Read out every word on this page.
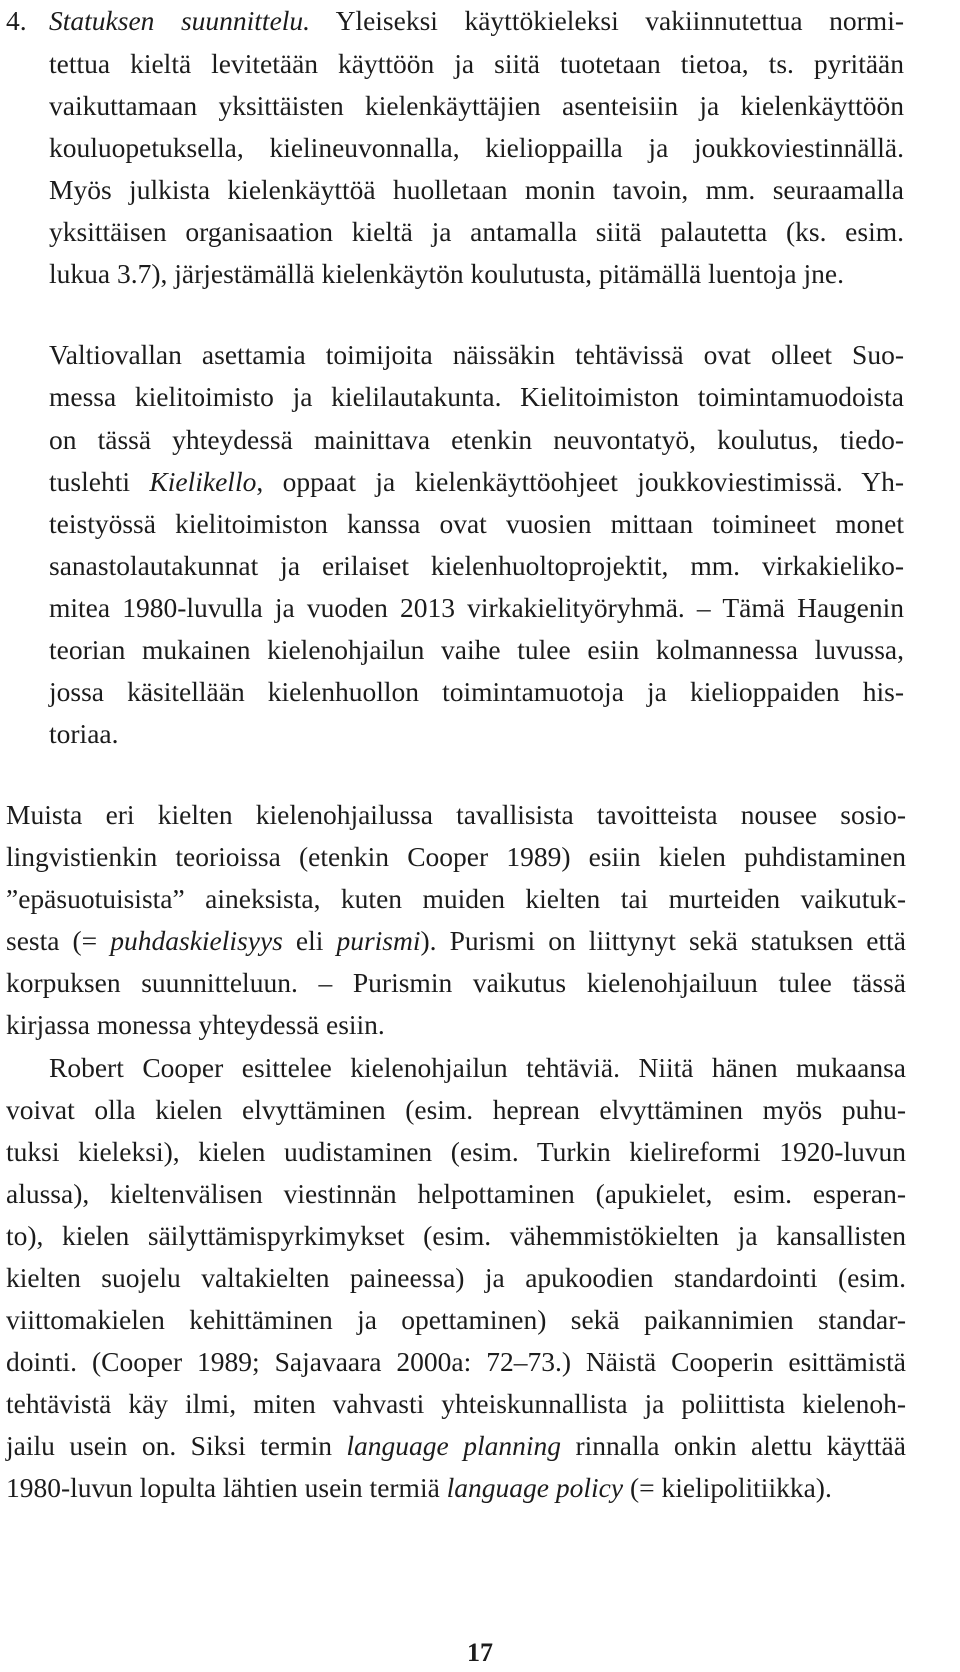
4. Statuksen suunnittelu. Yleiseksi käyttökieleksi vakiinnutettua normi-
tettua kieltä levitetään käyttöön ja siitä tuotetaan tietoa, ts. pyritään
vaikuttamaan yksittäisten kielenkäyttäjien asenteisiin ja kielenkäyttöön
kouluopetuksella, kielineuvonnalla, kielioppailla ja joukkoviestinnällä.
Myös julkista kielenkäyttöä huolletaan monin tavoin, mm. seuraamalla
yksittäisen organisaation kieltä ja antamalla siitä palautetta (ks. esim.
lukua 3.7), järjestämällä kielenkäytön koulutusta, pitämällä luentoja jne.
Valtiovallan asettamia toimijoita näissäkin tehtävissä ovat olleet Suo-
messa kielitoimisto ja kielilautakunta. Kielitoimiston toimintamuodoista
on tässä yhteydessä mainittava etenkin neuvontatyö, koulutus, tiedo-
tuslehti Kielikello, oppaat ja kielenkäyttöohjeet joukkoviestimissä. Yh-
teistyössä kielitoimiston kanssa ovat vuosien mittaan toimineet monet
sanastolautakunnat ja erilaiset kielenhuoltoprojektit, mm. virkakieliko-
mitea 1980-luvulla ja vuoden 2013 virkakielityöryhmä. – Tämä Haugenin
teorian mukainen kielenohjailun vaihe tulee esiin kolmannessa luvussa,
jossa käsitellään kielenhuollon toimintamuotoja ja kielioppaiden his-
toriaa.
Muista eri kielten kielenohjailussa tavallisista tavoitteista nousee sosio-
lingvistienkin teorioissa (etenkin Cooper 1989) esiin kielen puhdistaminen
”epäsuotuisista” aineksista, kuten muiden kielten tai murteiden vaikutuk-
sesta (= puhdaskielisyys eli purismi). Purismi on liittynyt sekä statuksen että
korpuksen suunnitteluun. – Purismin vaikutus kielenohjailuun tulee tässä
kirjassa monessa yhteydessä esiin.
Robert Cooper esittelee kielenohjailun tehtäviä. Niitä hänen mukaansa
voivat olla kielen elvyttäminen (esim. heprean elvyttäminen myös puhu-
tuksi kieleksi), kielen uudistaminen (esim. Turkin kielireformi 1920-luvun
alussa), kieltenvälisen viestinnän helpottaminen (apukielet, esim. esperan-
to), kielen säilyttämispyrkimykset (esim. vähemmistökielten ja kansallisten
kielten suojelu valtakielten paineessa) ja apukoodien standardointi (esim.
viittomakielen kehittäminen ja opettaminen) sekä paikannimien standar-
dointi. (Cooper 1989; Sajavaara 2000a: 72–73.) Näistä Cooperin esittämistä
tehtävistä käy ilmi, miten vahvasti yhteiskunnallista ja poliittista kielenoh-
jailu usein on. Siksi termin language planning rinnalla onkin alettu käyttää
1980-luvun lopulta lähtien usein termiä language policy (= kielipolitiikka).
17
